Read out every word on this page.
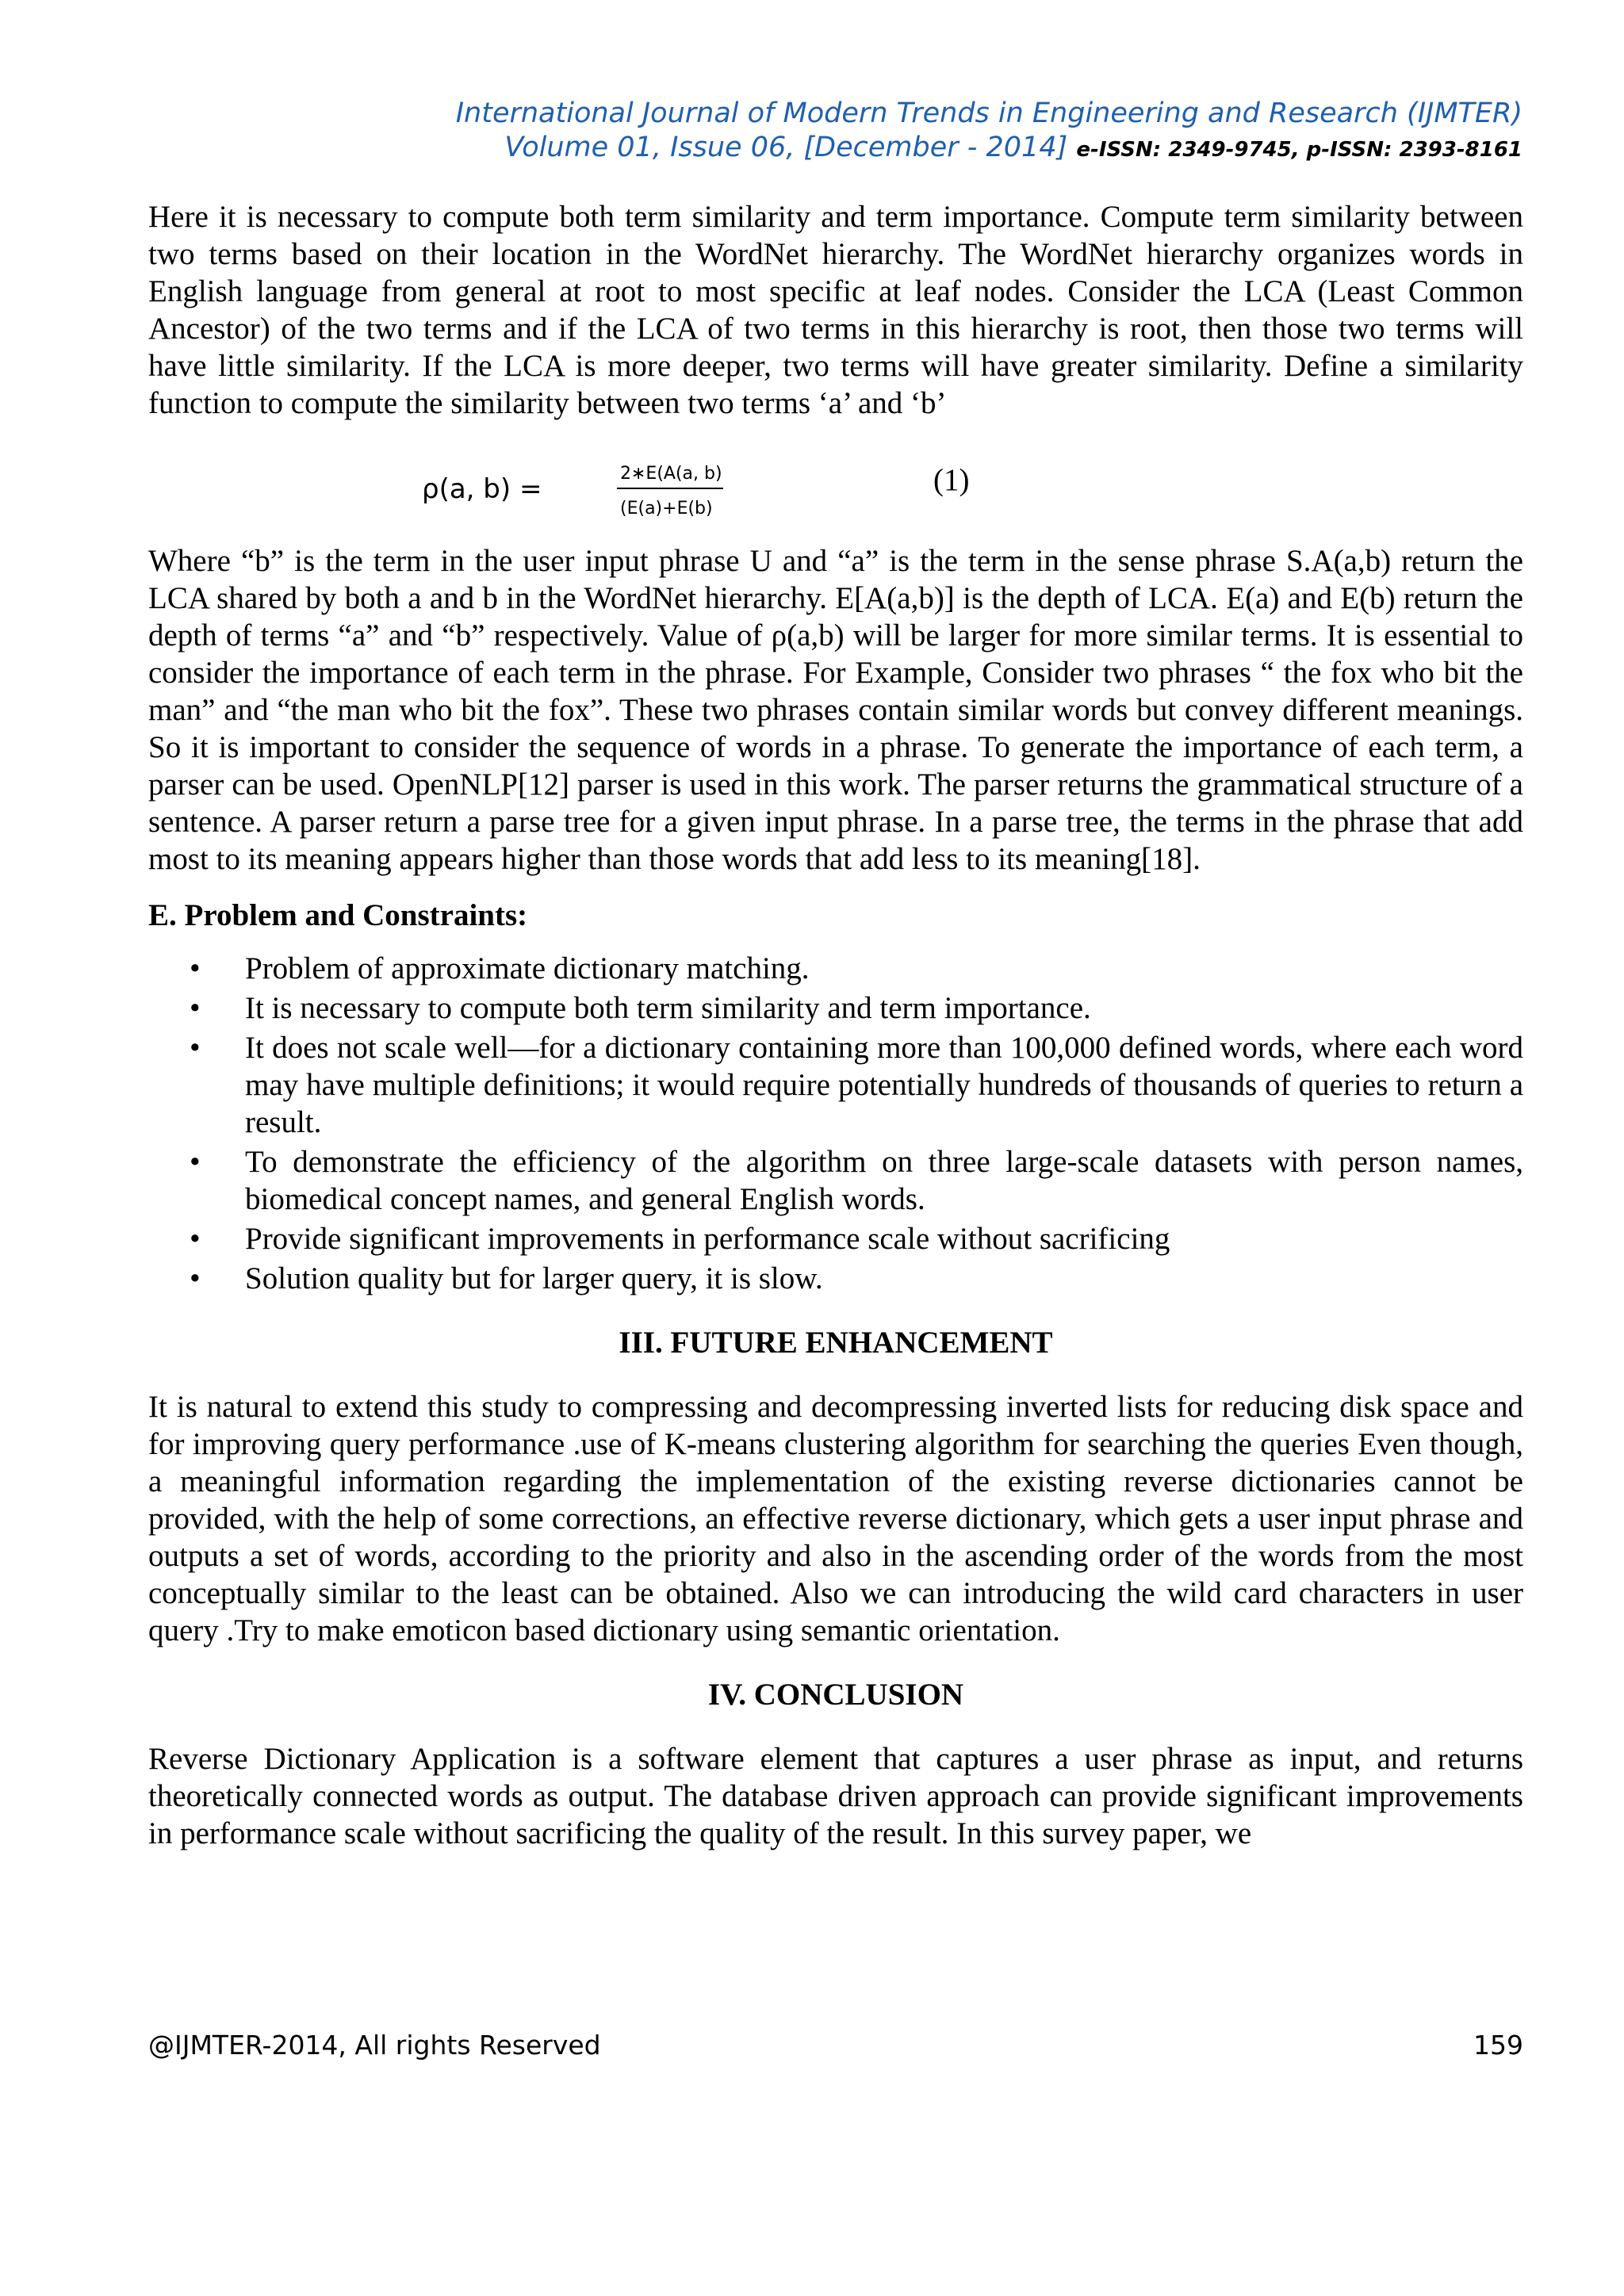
International Journal of Modern Trends in Engineering and Research (IJMTER)
Volume 01, Issue 06, [December - 2014] e-ISSN: 2349-9745, p-ISSN: 2393-8161

Here it is necessary to compute both term similarity and term importance. Compute term similarity between two terms based on their location in the WordNet hierarchy. The WordNet hierarchy organizes words in English language from general at root to most specific at leaf nodes. Consider the LCA (Least Common Ancestor) of the two terms and if the LCA of two terms in this hierarchy is root, then those two terms will have little similarity. If the LCA is more deeper, two terms will have greater similarity. Define a similarity function to compute the similarity between two terms ‘a’ and ‘b’

ρ(a, b) =	2∗E(A(a, b)
(E(a)+E(b)
(1)

Where “b” is the term in the user input phrase U and “a” is the term in the sense phrase S.A(a,b) return the LCA shared by both a and b in the WordNet hierarchy. E[A(a,b)] is the depth of LCA. E(a) and E(b) return the depth of terms “a” and “b” respectively. Value of ρ(a,b) will be larger for more similar terms. It is essential to consider the importance of each term in the phrase. For Example, Consider two phrases “ the fox who bit the man” and “the man who bit the fox”. These two phrases contain similar words but convey different meanings. So it is important to consider the sequence of words in a phrase. To generate the importance of each term, a parser can be used. OpenNLP[12] parser is used in this work. The parser returns the grammatical structure of a sentence. A parser return a parse tree for a given input phrase. In a parse tree, the terms in the phrase that add most to its meaning appears higher than those words that add less to its meaning[18].

E. Problem and Constraints:
• Problem of approximate dictionary matching.
• It is necessary to compute both term similarity and term importance.
• It does not scale well—for a dictionary containing more than 100,000 defined words, where each word may have multiple definitions; it would require potentially hundreds of thousands of queries to return a result.
• To demonstrate the efficiency of the algorithm on three large-scale datasets with person names, biomedical concept names, and general English words.
• Provide significant improvements in performance scale without sacrificing
• Solution quality but for larger query, it is slow.
III. FUTURE ENHANCEMENT

It is natural to extend this study to compressing and decompressing inverted lists for reducing disk space and for improving query performance .use of K-means clustering algorithm for searching the queries Even though, a meaningful information regarding the implementation of the existing reverse dictionaries cannot be provided, with the help of some corrections, an effective reverse dictionary, which gets a user input phrase and outputs a set of words, according to the priority and also in the ascending order of the words from the most conceptually similar to the least can be obtained. Also we can introducing the wild card characters in user query .Try to make emoticon based dictionary using semantic orientation.

IV. CONCLUSION

Reverse Dictionary Application is a software element that captures a user phrase as input, and returns theoretically connected words as output. The database driven approach can provide significant improvements in performance scale without sacrificing the quality of the result. In this survey paper, we

@IJMTER-2014, All rights Reserved	159
